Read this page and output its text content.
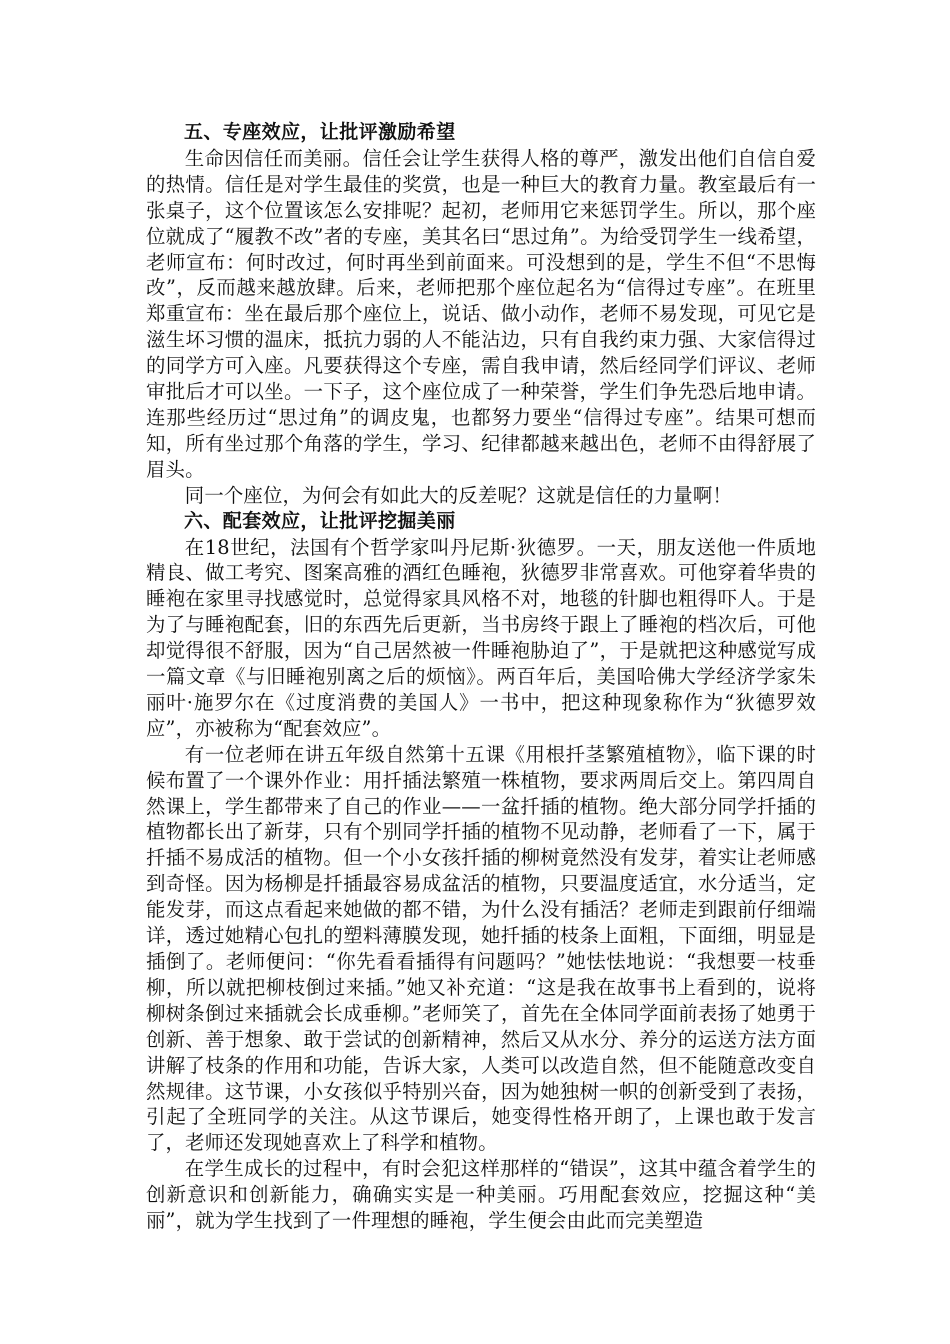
五、专座效应，让批评激励希望

生命因信任而美丽。信任会让学生获得人格的尊严，激发出他们自信自爱的热情。信任是对学生最佳的奖赏，也是一种巨大的教育力量。教室最后有一张桌子，这个位置该怎么安排呢？起初，老师用它来惩罚学生。所以，那个座位就成了“履教不改”者的专座，美其名曰“思过角”。为给受罚学生一线希望，老师宣布：何时改过，何时再坐到前面来。可没想到的是，学生不但“不思悔改”，反而越来越放肆。后来，老师把那个座位起名为“信得过专座”。在班里郑重宣布：坐在最后那个座位上，说话、做小动作，老师不易发现，可见它是滋生坏习惯的温床，抵抗力弱的人不能沾边，只有自我约束力强、大家信得过的同学方可入座。凡要获得这个专座，需自我申请，然后经同学们评议、老师审批后才可以坐。一下子，这个座位成了一种荣誉，学生们争先恐后地申请。连那些经历过“思过角”的调皮鬼，也都努力要坐“信得过专座”。结果可想而知，所有坐过那个角落的学生，学习、纪律都越来越出色，老师不由得舒展了眉头。

同一个座位，为何会有如此大的反差呢？这就是信任的力量啊！

六、配套效应，让批评挖掘美丽

在18世纪，法国有个哲学家叫丹尼斯·狄德罗。一天，朋友送他一件质地精良、做工考究、图案高雅的酒红色睡袍，狄德罗非常喜欢。可他穿着华贵的睡袍在家里寻找感觉时，总觉得家具风格不对，地毯的针脚也粗得吓人。于是为了与睡袍配套，旧的东西先后更新，当书房终于跟上了睡袍的档次后，可他却觉得很不舒服，因为“自己居然被一件睡袍胁迫了”，于是就把这种感觉写成一篇文章《与旧睡袍别离之后的烦恼》。两百年后，美国哈佛大学经济学家朱丽叶·施罗尔在《过度消费的美国人》一书中，把这种现象称作为“狄德罗效应”，亦被称为“配套效应”。

有一位老师在讲五年级自然第十五课《用根扦茎繁殖植物》，临下课的时候布置了一个课外作业：用扦插法繁殖一株植物，要求两周后交上。第四周自然课上，学生都带来了自己的作业——一盆扦插的植物。绝大部分同学扦插的植物都长出了新芽，只有个别同学扦插的植物不见动静，老师看了一下，属于扦插不易成活的植物。但一个小女孩扦插的柳树竟然没有发芽，着实让老师感到奇怪。因为杨柳是扦插最容易成盆活的植物，只要温度适宜，水分适当，定能发芽，而这点看起来她做的都不错，为什么没有插活？老师走到跟前仔细端详，透过她精心包扎的塑料薄膜发现，她扦插的枝条上面粗，下面细，明显是插倒了。老师便问：“你先看看插得有问题吗？”她怯怯地说：“我想要一枝垂柳，所以就把柳枝倒过来插。”她又补充道：“这是我在故事书上看到的，说将柳树条倒过来插就会长成垂柳。”老师笑了，首先在全体同学面前表扬了她勇于创新、善于想象、敢于尝试的创新精神，然后又从水分、养分的运送方法方面讲解了枝条的作用和功能，告诉大家，人类可以改造自然，但不能随意改变自然规律。这节课，小女孩似乎特别兴奋，因为她独树一帜的创新受到了表扬，引起了全班同学的关注。从这节课后，她变得性格开朗了，上课也敢于发言了，老师还发现她喜欢上了科学和植物。

在学生成长的过程中，有时会犯这样那样的“错误”，这其中蕴含着学生的创新意识和创新能力，确确实实是一种美丽。巧用配套效应，挖掘这种“美丽”，就为学生找到了一件理想的睡袍，学生便会由此而完美塑造
